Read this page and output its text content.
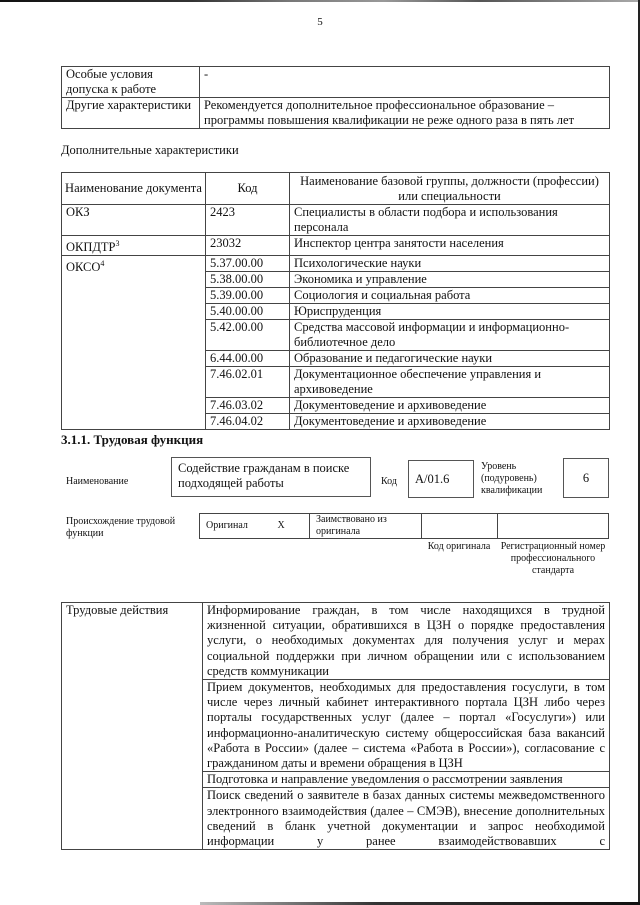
5
Особые условия допуска к работе	-
Другие характеристики	Рекомендуется дополнительное профессиональное образование – программы повышения квалификации не реже одного раза в пять лет
Дополнительные характеристики
Наименование документа	Код	Наименование базовой группы, должности (профессии) или специальности
ОКЗ	2423	Специалисты в области подбора и использования персонала
ОКПДТР$^3$	23032	Инспектор центра занятости населения
ОКСО$^4$	5.37.00.00	Психологические науки
	5.38.00.00	Экономика и управление
	5.39.00.00	Социология и социальная работа
	5.40.00.00	Юриспруденция
	5.42.00.00	Средства массовой информации и информационно-библиотечное дело
	6.44.00.00	Образование и педагогические науки
	7.46.02.01	Документационное обеспечение управления и архивоведение
	7.46.03.02	Документоведение и архивоведение
	7.46.04.02	Документоведение и архивоведение
3.1.1. Трудовая функция
Наименование
Содействие гражданам в поиске подходящей работы	Код	A/01.6
Уровень (подуровень) квалификации
6
Происхождение трудовой функции
Оригинал	X	Заимствовано из оригинала		
Код оригинала	Регистрационный номер профессионального стандарта
Трудовые действия	Информирование граждан, в том числе находящихся в трудной жизненной ситуации, обратившихся в ЦЗН о порядке предоставления услуги, о необходимых документах для получения услуг и мерах социальной поддержки при личном обращении или с использованием средств коммуникации
Прием документов, необходимых для предоставления госуслуги, в том числе через личный кабинет интерактивного портала ЦЗН либо через порталы государственных услуг (далее – портал «Госуслуги») или информационно-аналитическую систему общероссийская база вакансий «Работа в России» (далее – система «Работа в России»), согласование с гражданином даты и времени обращения в ЦЗН
Подготовка и направление уведомления о рассмотрении заявления
Поиск сведений о заявителе в базах данных системы межведомственного электронного взаимодействия (далее – СМЭВ), внесение дополнительных сведений в бланк учетной документации и запрос необходимой информации у ранее взаимодействовавших с
